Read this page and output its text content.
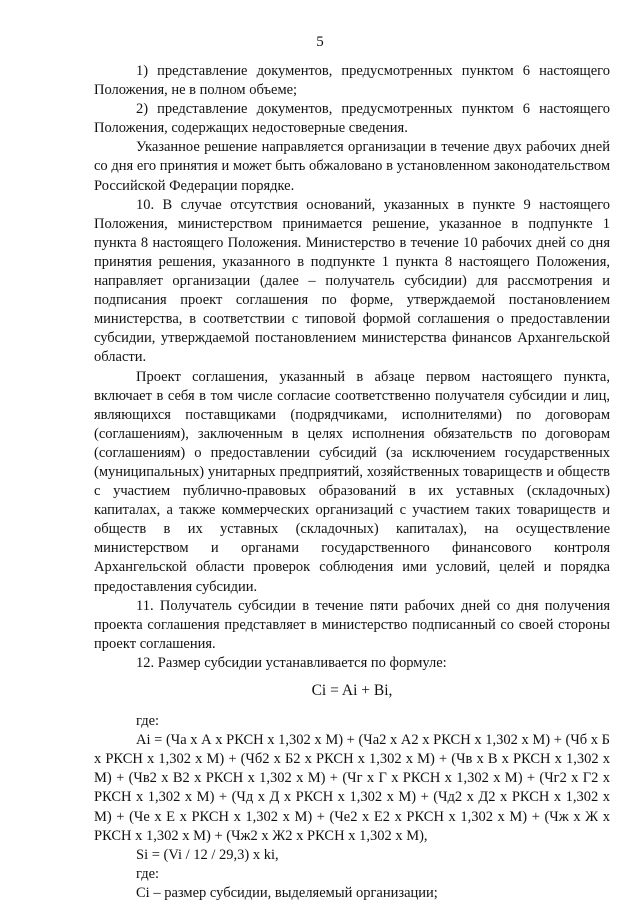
5

1) представление документов, предусмотренных пунктом 6 настоящего Положения, не в полном объеме;

2) представление документов, предусмотренных пунктом 6 настоящего Положения, содержащих недостоверные сведения.

Указанное решение направляется организации в течение двух рабочих дней со дня его принятия и может быть обжаловано в установленном законодательством Российской Федерации порядке.

10. В случае отсутствия оснований, указанных в пункте 9 настоящего Положения, министерством принимается решение, указанное в подпункте 1 пункта 8 настоящего Положения. Министерство в течение 10 рабочих дней со дня принятия решения, указанного в подпункте 1 пункта 8 настоящего Положения, направляет организации (далее – получатель субсидии) для рассмотрения и подписания проект соглашения по форме, утверждаемой постановлением министерства, в соответствии с типовой формой соглашения о предоставлении субсидии, утверждаемой постановлением министерства финансов Архангельской области.

Проект соглашения, указанный в абзаце первом настоящего пункта, включает в себя в том числе согласие соответственно получателя субсидии и лиц, являющихся поставщиками (подрядчиками, исполнителями) по договорам (соглашениям), заключенным в целях исполнения обязательств по договорам (соглашениям) о предоставлении субсидий (за исключением государственных (муниципальных) унитарных предприятий, хозяйственных товариществ и обществ с участием публично-правовых образований в их уставных (складочных) капиталах, а также коммерческих организаций с участием таких товариществ и обществ в их уставных (складочных) капиталах), на осуществление министерством и органами государственного финансового контроля Архангельской области проверок соблюдения ими условий, целей и порядка предоставления субсидии.

11. Получатель субсидии в течение пяти рабочих дней со дня получения проекта соглашения представляет в министерство подписанный со своей стороны проект соглашения.

12. Размер субсидии устанавливается по формуле:

Ci = Ai + Bi,

где:

Ai = (Ча х А х РКСН х 1,302 х М) + (Ча2 х А2 х РКСН х 1,302 х М) + (Чб х Б х РКСН х 1,302 х М) + (Чб2 х Б2 х РКСН х 1,302 х М) + (Чв х В х РКСН х 1,302 х М) + (Чв2 х В2 х РКСН х 1,302 х М) + (Чг х Г х РКСН х 1,302 х М) + (Чг2 х Г2 х РКСН х 1,302 х М) + (Чд х Д х РКСН х 1,302 х М) + (Чд2 х Д2 х РКСН х 1,302 х М) + (Че х Е х РКСН х 1,302 х М) + (Че2 х Е2 х РКСН х 1,302 х М) + (Чж х Ж х РКСН х 1,302 х М) + (Чж2 х Ж2 х РКСН х 1,302 х М),

Si = (Vi / 12 / 29,3) х ki,

где:

Ci – размер субсидии, выделяемый организации;
